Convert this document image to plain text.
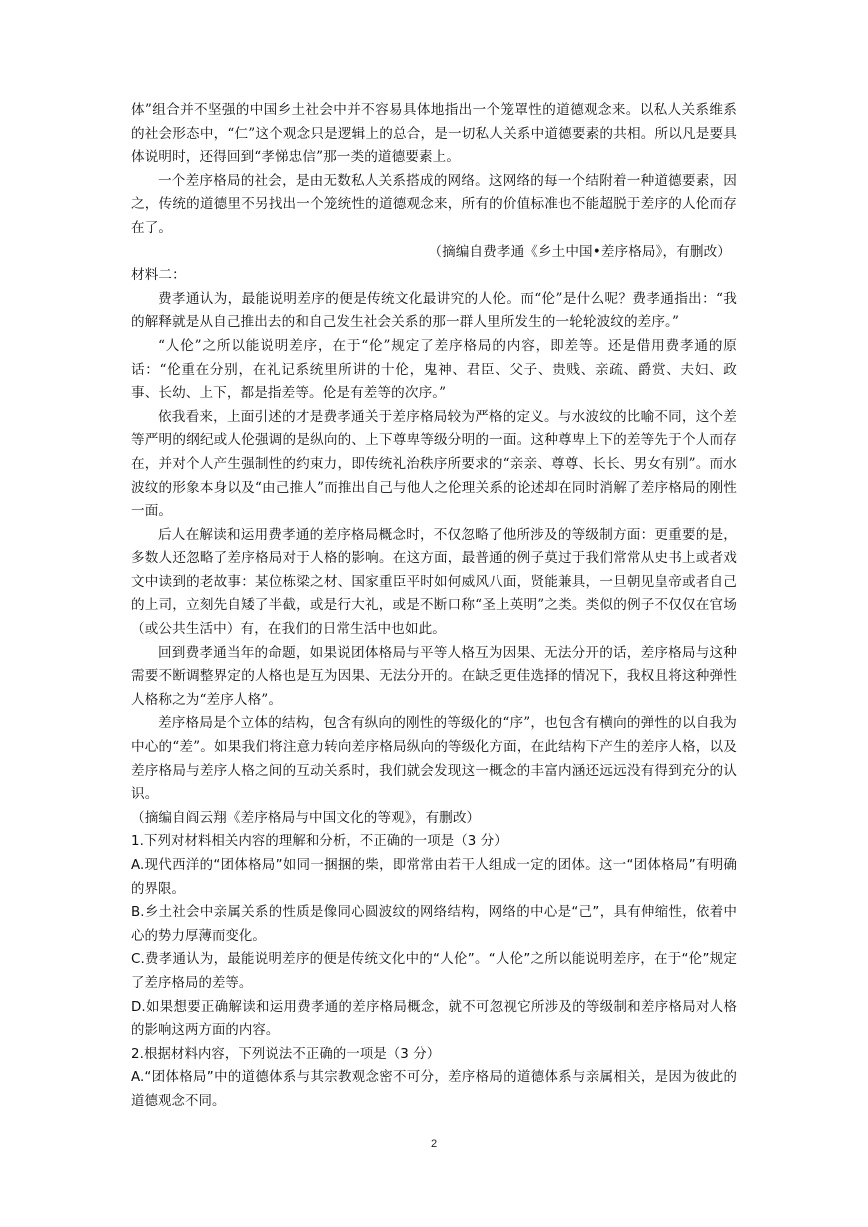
体”组合并不坚强的中国乡土社会中并不容易具体地指出一个笼罩性的道德观念来。以私人关系维系的社会形态中，“仁”这个观念只是逻辑上的总合，是一切私人关系中道德要素的共相。所以凡是要具体说明时，还得回到“孝悌忠信”那一类的道德要素上。

一个差序格局的社会，是由无数私人关系搭成的网络。这网络的每一个结附着一种道德要素，因之，传统的道德里不另找出一个笼统性的道德观念来，所有的价值标准也不能超脱于差序的人伦而存在了。

（摘编自费孝通《乡土中国•差序格局》，有删改）

材料二：

费孝通认为，最能说明差序的便是传统文化最讲究的人伦。而“伦”是什么呢？费孝通指出：“我的解释就是从自己推出去的和自己发生社会关系的那一群人里所发生的一轮轮波纹的差序。”

“人伦”之所以能说明差序，在于“伦”规定了差序格局的内容，即差等。还是借用费孝通的原话：“伦重在分别，在礼记系统里所讲的十伦，鬼神、君臣、父子、贵贱、亲疏、爵赏、夫妇、政事、长幼、上下，都是指差等。伦是有差等的次序。”

依我看来，上面引述的才是费孝通关于差序格局较为严格的定义。与水波纹的比喻不同，这个差等严明的纲纪或人伦强调的是纵向的、上下尊卑等级分明的一面。这种尊卑上下的差等先于个人而存在，并对个人产生强制性的约束力，即传统礼治秩序所要求的“亲亲、尊尊、长长、男女有别”。而水波纹的形象本身以及“由己推人”而推出自己与他人之伦理关系的论述却在同时消解了差序格局的刚性一面。

后人在解读和运用费孝通的差序格局概念时，不仅忽略了他所涉及的等级制方面：更重要的是，多数人还忽略了差序格局对于人格的影响。在这方面，最普通的例子莫过于我们常常从史书上或者戏文中读到的老故事：某位栋梁之材、国家重臣平时如何威风八面，贤能兼具，一旦朝见皇帝或者自己的上司，立刻先自矮了半截，或是行大礼，或是不断口称“圣上英明”之类。类似的例子不仅仅在官场（或公共生活中）有，在我们的日常生活中也如此。

回到费孝通当年的命题，如果说团体格局与平等人格互为因果、无法分开的话，差序格局与这种需要不断调整界定的人格也是互为因果、无法分开的。在缺乏更佳选择的情况下，我权且将这种弹性人格称之为“差序人格”。

差序格局是个立体的结构，包含有纵向的刚性的等级化的“序”，也包含有横向的弹性的以自我为中心的“差”。如果我们将注意力转向差序格局纵向的等级化方面，在此结构下产生的差序人格，以及差序格局与差序人格之间的互动关系时，我们就会发现这一概念的丰富内涵还远远没有得到充分的认识。

（摘编自阎云翔《差序格局与中国文化的等观》，有删改）

1.下列对材料相关内容的理解和分析，不正确的一项是（3 分）

A.现代西洋的“团体格局”如同一捆捆的柴，即常常由若干人组成一定的团体。这一“团体格局”有明确的界限。

B.乡土社会中亲属关系的性质是像同心圆波纹的网络结构，网络的中心是“己”，具有伸缩性，依着中心的势力厚薄而变化。

C.费孝通认为，最能说明差序的便是传统文化中的“人伦”。“人伦”之所以能说明差序，在于“伦”规定了差序格局的差等。

D.如果想要正确解读和运用费孝通的差序格局概念，就不可忽视它所涉及的等级制和差序格局对人格的影响这两方面的内容。

2.根据材料内容，下列说法不正确的一项是（3 分）

A.“团体格局”中的道德体系与其宗教观念密不可分，差序格局的道德体系与亲属相关，是因为彼此的道德观念不同。

2
